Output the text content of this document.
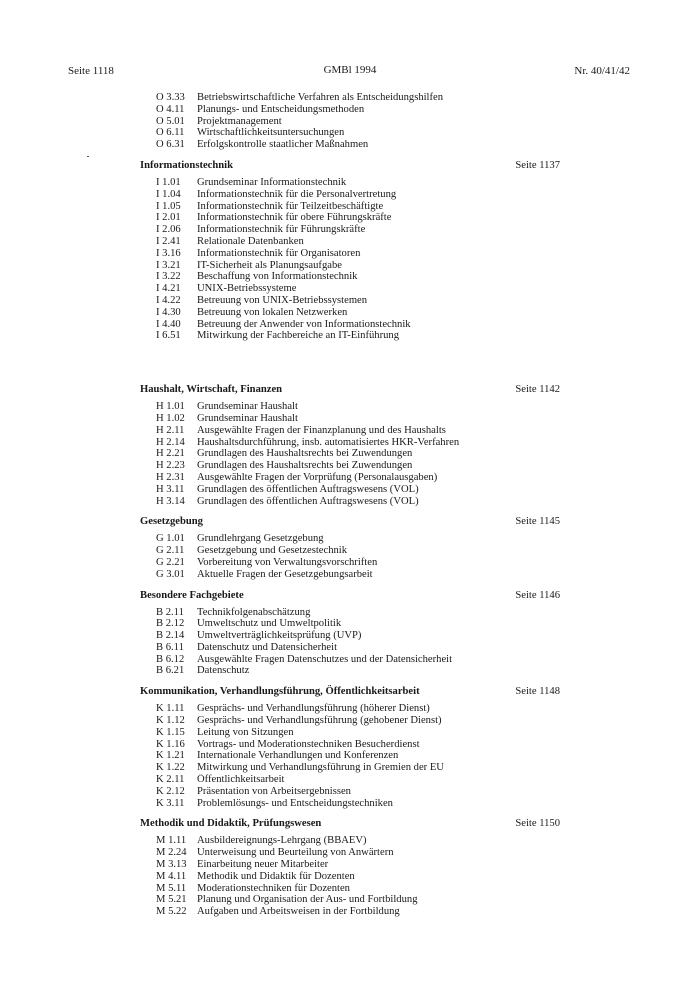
Seite 1118	GMBl 1994	Nr. 40/41/42
O 3.33	Betriebswirtschaftliche Verfahren als Entscheidungshilfen
O 4.11	Planungs- und Entscheidungsmethoden
O 5.01	Projektmanagement
O 6.11	Wirtschaftlichkeitsuntersuchungen
O 6.31	Erfolgskontrolle staatlicher Maßnahmen
Informationstechnik	Seite 1137
I 1.01	Grundseminar Informationstechnik
I 1.04	Informationstechnik für die Personalvertretung
I 1.05	Informationstechnik für Teilzeitbeschäftigte
I 2.01	Informationstechnik für obere Führungskräfte
I 2.06	Informationstechnik für Führungskräfte
I 2.41	Relationale Datenbanken
I 3.16	Informationstechnik für Organisatoren
I 3.21	IT-Sicherheit als Planungsaufgabe
I 3.22	Beschaffung von Informationstechnik
I 4.21	UNIX-Betriebssysteme
I 4.22	Betreuung von UNIX-Betriebssystemen
I 4.30	Betreuung von lokalen Netzwerken
I 4.40	Betreuung der Anwender von Informationstechnik
I 6.51	Mitwirkung der Fachbereiche an IT-Einführung
Haushalt, Wirtschaft, Finanzen	Seite 1142
H 1.01	Grundseminar Haushalt
H 1.02	Grundseminar Haushalt
H 2.11	Ausgewählte Fragen der Finanzplanung und des Haushalts
H 2.14	Haushaltsdurchführung, insb. automatisiertes HKR-Verfahren
H 2.21	Grundlagen des Haushaltsrechts bei Zuwendungen
H 2.23	Grundlagen des Haushaltsrechts bei Zuwendungen
H 2.31	Ausgewählte Fragen der Vorprüfung (Personalausgaben)
H 3.11	Grundlagen des öffentlichen Auftragswesens (VOL)
H 3.14	Grundlagen des öffentlichen Auftragswesens (VOL)
Gesetzgebung	Seite 1145
G 1.01	Grundlehrgang Gesetzgebung
G 2.11	Gesetzgebung und Gesetzestechnik
G 2.21	Vorbereitung von Verwaltungsvorschriften
G 3.01	Aktuelle Fragen der Gesetzgebungsarbeit
Besondere Fachgebiete	Seite 1146
B 2.11	Technikfolgenabschätzung
B 2.12	Umweltschutz und Umweltpolitik
B 2.14	Umweltverträglichkeitsprüfung (UVP)
B 6.11	Datenschutz und Datensicherheit
B 6.12	Ausgewählte Fragen Datenschutzes und der Datensicherheit
B 6.21	Datenschutz
Kommunikation, Verhandlungsführung, Öffentlichkeitsarbeit	Seite 1148
K 1.11	Gesprächs- und Verhandlungsführung (höherer Dienst)
K 1.12	Gesprächs- und Verhandlungsführung (gehobener Dienst)
K 1.15	Leitung von Sitzungen
K 1.16	Vortrags- und Moderationstechniken Besucherdienst
K 1.21	Internationale Verhandlungen und Konferenzen
K 1.22	Mitwirkung und Verhandlungsführung in Gremien der EU
K 2.11	Öffentlichkeitsarbeit
K 2.12	Präsentation von Arbeitsergebnissen
K 3.11	Problemlösungs- und Entscheidungstechniken
Methodik und Didaktik, Prüfungswesen	Seite 1150
M 1.11	Ausbildereignungs-Lehrgang (BBAEV)
M 2.24 Unterweisung und Beurteilung von Anwärtern
M 3.13 Einarbeitung neuer Mitarbeiter
M 4.11	Methodik und Didaktik für Dozenten
M 5.11	Moderationstechniken für Dozenten
M 5.21 Planung und Organisation der Aus- und Fortbildung
M 5.22 Aufgaben und Arbeitsweisen in der Fortbildung
